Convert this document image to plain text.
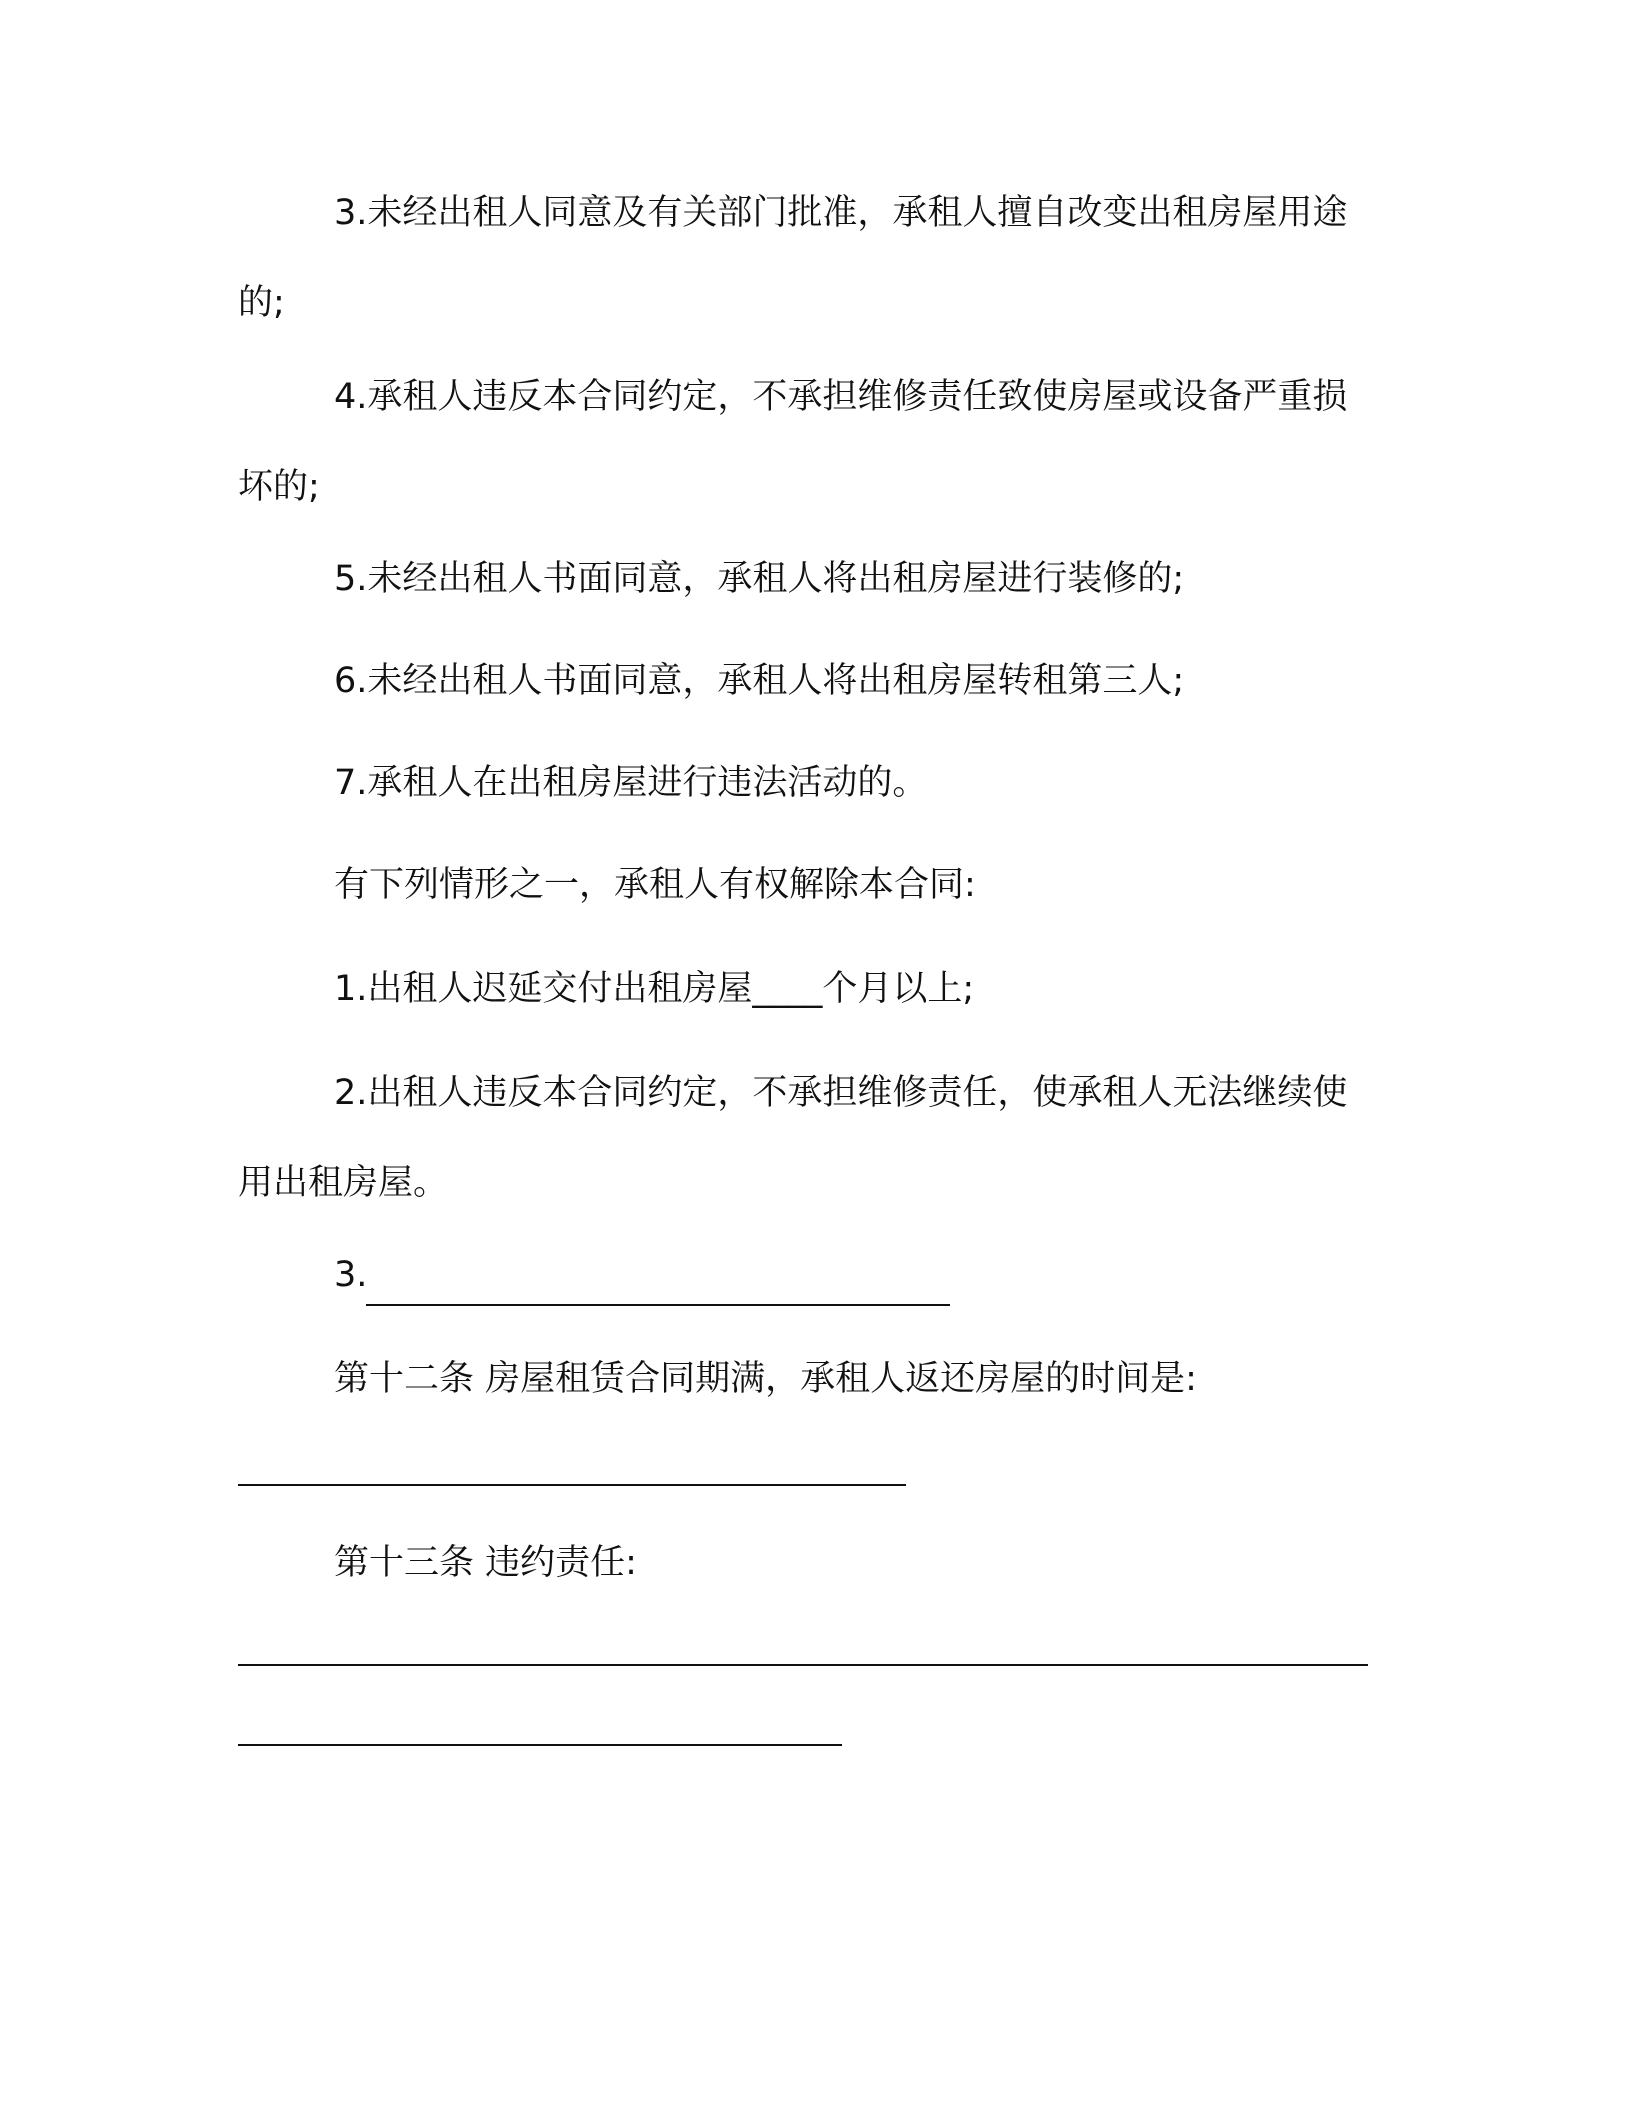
3.未经出租人同意及有关部门批准，承租人擅自改变出租房屋用途的;

4.承租人违反本合同约定，不承担维修责任致使房屋或设备严重损坏的;

5.未经出租人书面同意，承租人将出租房屋进行装修的;

6.未经出租人书面同意，承租人将出租房屋转租第三人;

7.承租人在出租房屋进行违法活动的。

有下列情形之一，承租人有权解除本合同:

1.出租人迟延交付出租房屋____个月以上;

2.出租人违反本合同约定，不承担维修责任，使承租人无法继续使用出租房屋。

3.

第十二条 房屋租赁合同期满，承租人返还房屋的时间是:

第十三条 违约责任:
